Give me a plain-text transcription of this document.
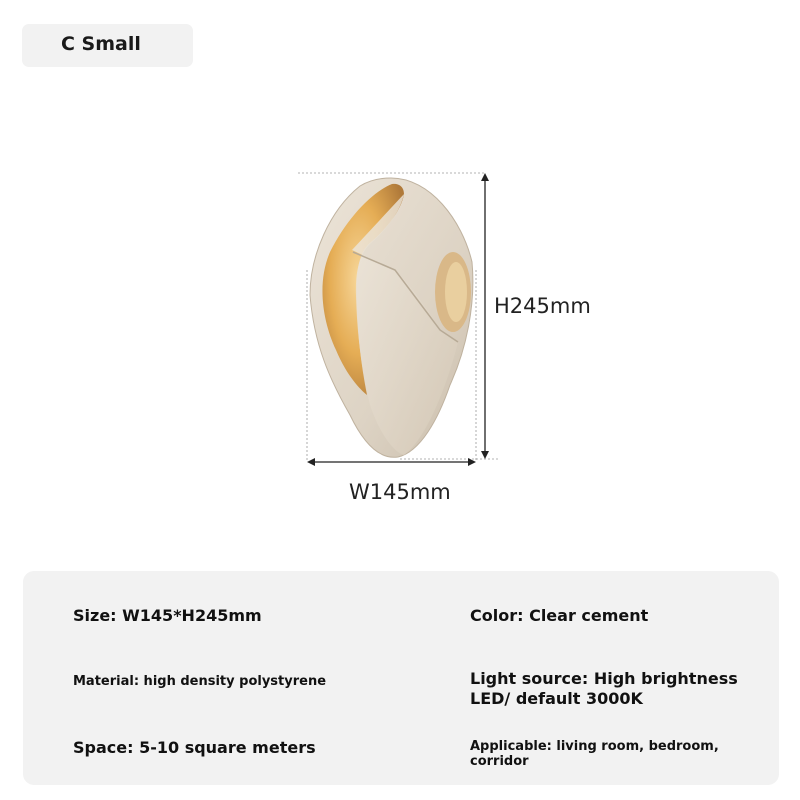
C Small
H245mm
W145mm
Size: W145*H245mm	Color: Clear cement
Material: high density polystyrene	Light source: High brightness LED/ default 3000K
Space: 5-10 square meters	Applicable: living room, bedroom, corridor
